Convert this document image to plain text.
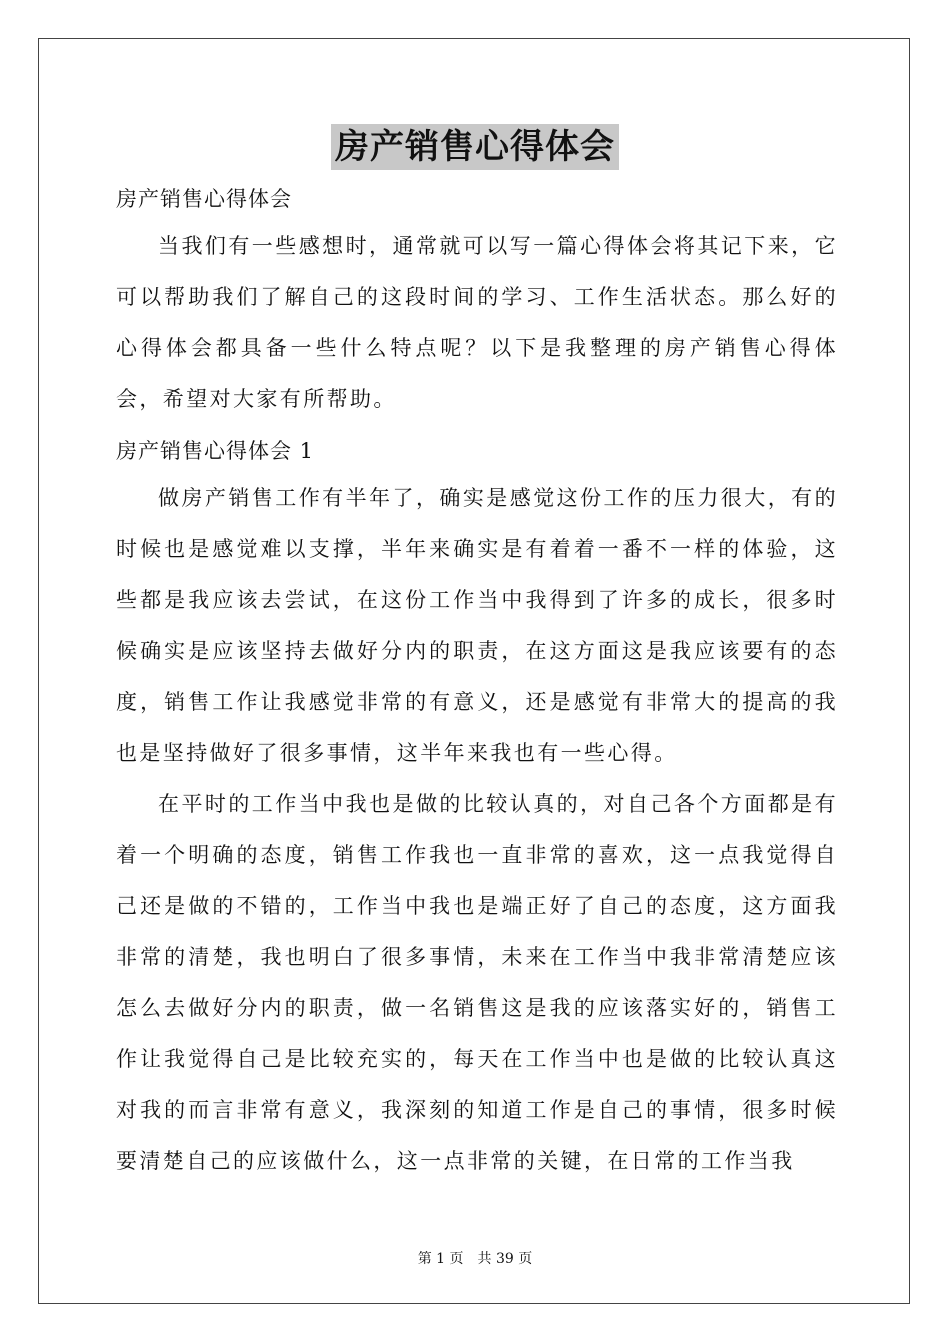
房产销售心得体会

房产销售心得体会

当我们有一些感想时，通常就可以写一篇心得体会将其记下来，它可以帮助我们了解自己的这段时间的学习、工作生活状态。那么好的心得体会都具备一些什么特点呢？以下是我整理的房产销售心得体会，希望对大家有所帮助。

房产销售心得体会 1

做房产销售工作有半年了，确实是感觉这份工作的压力很大，有的时候也是感觉难以支撑，半年来确实是有着着一番不一样的体验，这些都是我应该去尝试，在这份工作当中我得到了许多的成长，很多时候确实是应该坚持去做好分内的职责，在这方面这是我应该要有的态度，销售工作让我感觉非常的有意义，还是感觉有非常大的提高的我也是坚持做好了很多事情，这半年来我也有一些心得。

在平时的工作当中我也是做的比较认真的，对自己各个方面都是有着一个明确的态度，销售工作我也一直非常的喜欢，这一点我觉得自己还是做的不错的，工作当中我也是端正好了自己的态度，这方面我非常的清楚，我也明白了很多事情，未来在工作当中我非常清楚应该怎么去做好分内的职责，做一名销售这是我的应该落实好的，销售工作让我觉得自己是比较充实的，每天在工作当中也是做的比较认真这对我的而言非常有意义，我深刻的知道工作是自己的事情，很多时候要清楚自己的应该做什么，这一点非常的关键，在日常的工作当我

第 1 页　共 39 页
